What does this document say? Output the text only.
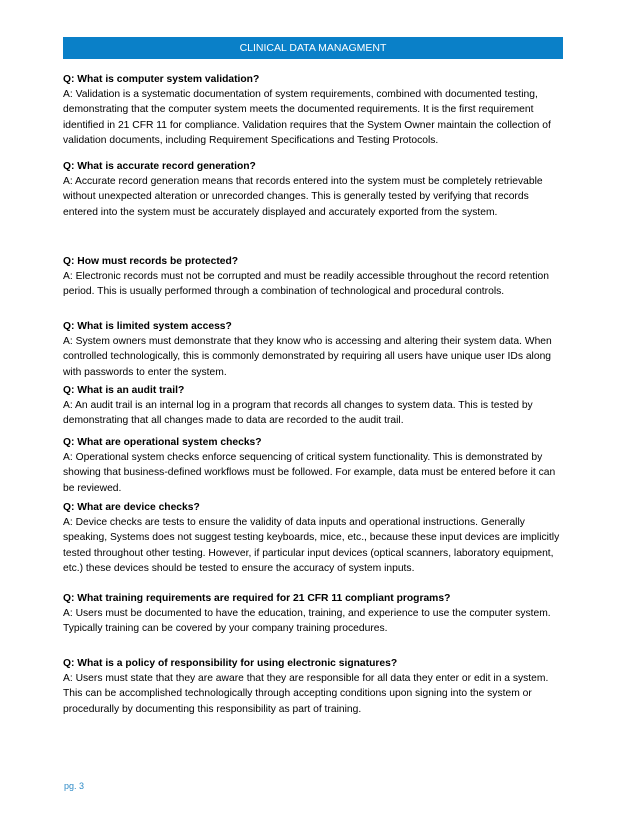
CLINICAL DATA MANAGMENT
Q: What is computer system validation?
A: Validation is a systematic documentation of system requirements, combined with documented testing, demonstrating that the computer system meets the documented requirements. It is the first requirement identified in 21 CFR 11 for compliance. Validation requires that the System Owner maintain the collection of validation documents, including Requirement Specifications and Testing Protocols.
Q: What is accurate record generation?
A: Accurate record generation means that records entered into the system must be completely retrievable without unexpected alteration or unrecorded changes. This is generally tested by verifying that records entered into the system must be accurately displayed and accurately exported from the system.
Q: How must records be protected?
A: Electronic records must not be corrupted and must be readily accessible throughout the record retention period. This is usually performed through a combination of technological and procedural controls.
Q: What is limited system access?
A: System owners must demonstrate that they know who is accessing and altering their system data. When controlled technologically, this is commonly demonstrated by requiring all users have unique user IDs along with passwords to enter the system.
Q: What is an audit trail?
A: An audit trail is an internal log in a program that records all changes to system data. This is tested by demonstrating that all changes made to data are recorded to the audit trail.
Q: What are operational system checks?
A: Operational system checks enforce sequencing of critical system functionality. This is demonstrated by showing that business-defined workflows must be followed. For example, data must be entered before it can be reviewed.
Q: What are device checks?
A: Device checks are tests to ensure the validity of data inputs and operational instructions. Generally speaking, Systems does not suggest testing keyboards, mice, etc., because these input devices are implicitly tested throughout other testing. However, if particular input devices (optical scanners, laboratory equipment, etc.) these devices should be tested to ensure the accuracy of system inputs.
Q: What training requirements are required for 21 CFR 11 compliant programs?
A: Users must be documented to have the education, training, and experience to use the computer system. Typically training can be covered by your company training procedures.
Q: What is a policy of responsibility for using electronic signatures?
A: Users must state that they are aware that they are responsible for all data they enter or edit in a system. This can be accomplished technologically through accepting conditions upon signing into the system or procedurally by documenting this responsibility as part of training.
pg. 3
